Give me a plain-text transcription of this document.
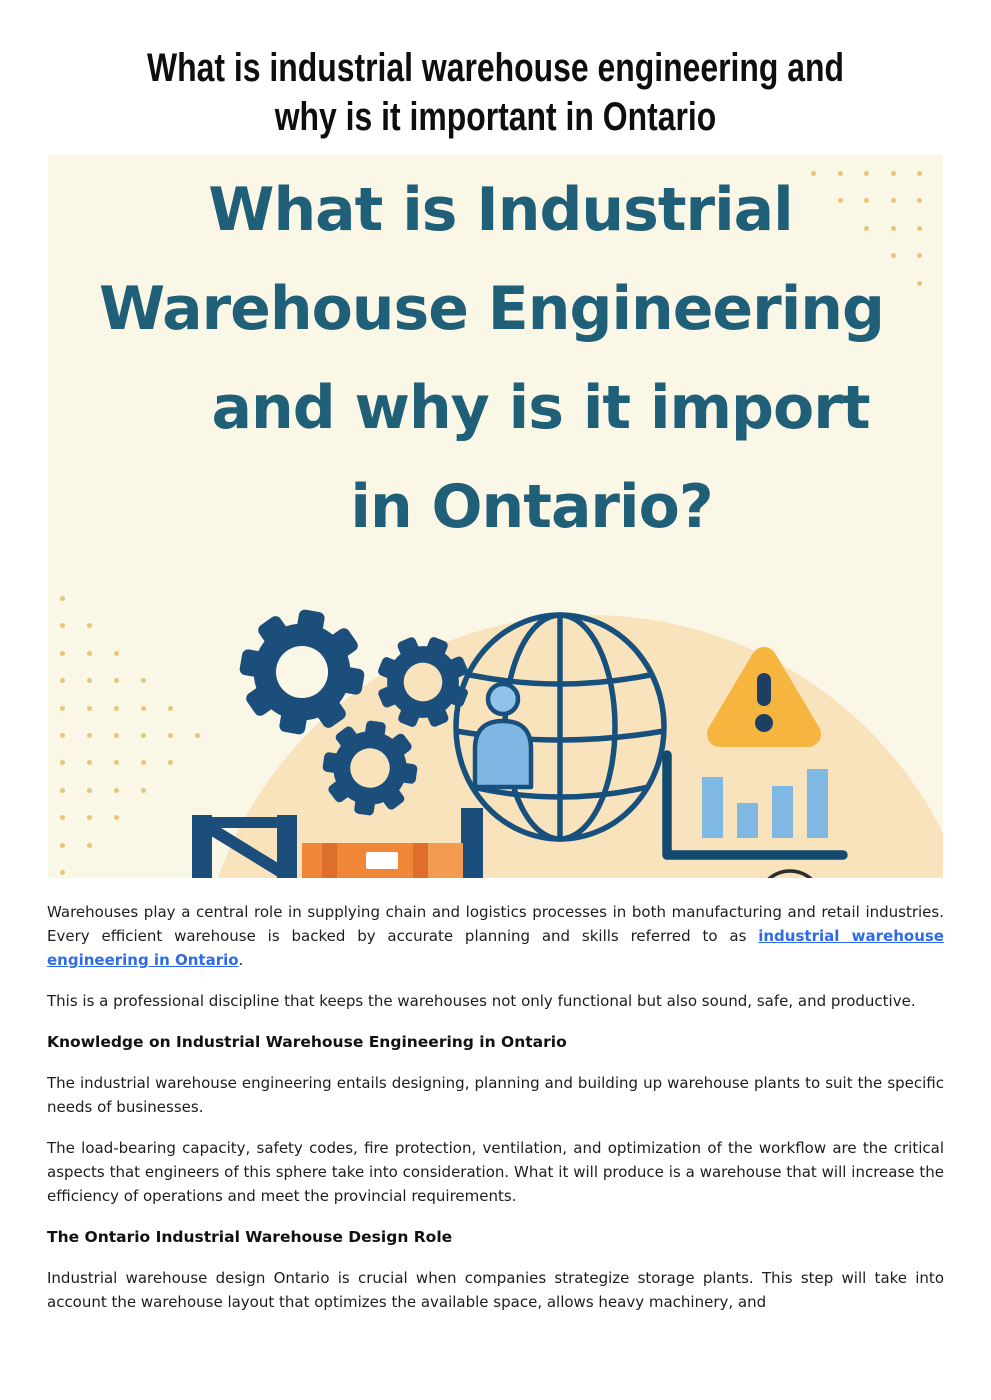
What is industrial warehouse engineering and
why is it important in Ontario
What is Industrial
Warehouse Engineering
and why is it import
in Ontario?

Warehouses play a central role in supplying chain and logistics processes in both manufacturing and retail industries. Every efficient warehouse is backed by accurate planning and skills referred to as industrial warehouse engineering in Ontario.

This is a professional discipline that keeps the warehouses not only functional but also sound, safe, and productive.

Knowledge on Industrial Warehouse Engineering in Ontario

The industrial warehouse engineering entails designing, planning and building up warehouse plants to suit the specific needs of businesses.

The load-bearing capacity, safety codes, fire protection, ventilation, and optimization of the workflow are the critical aspects that engineers of this sphere take into consideration. What it will produce is a warehouse that will increase the efficiency of operations and meet the provincial requirements.

The Ontario Industrial Warehouse Design Role

Industrial warehouse design Ontario is crucial when companies strategize storage plants. This step will take into account the warehouse layout that optimizes the available space, allows heavy machinery, and
